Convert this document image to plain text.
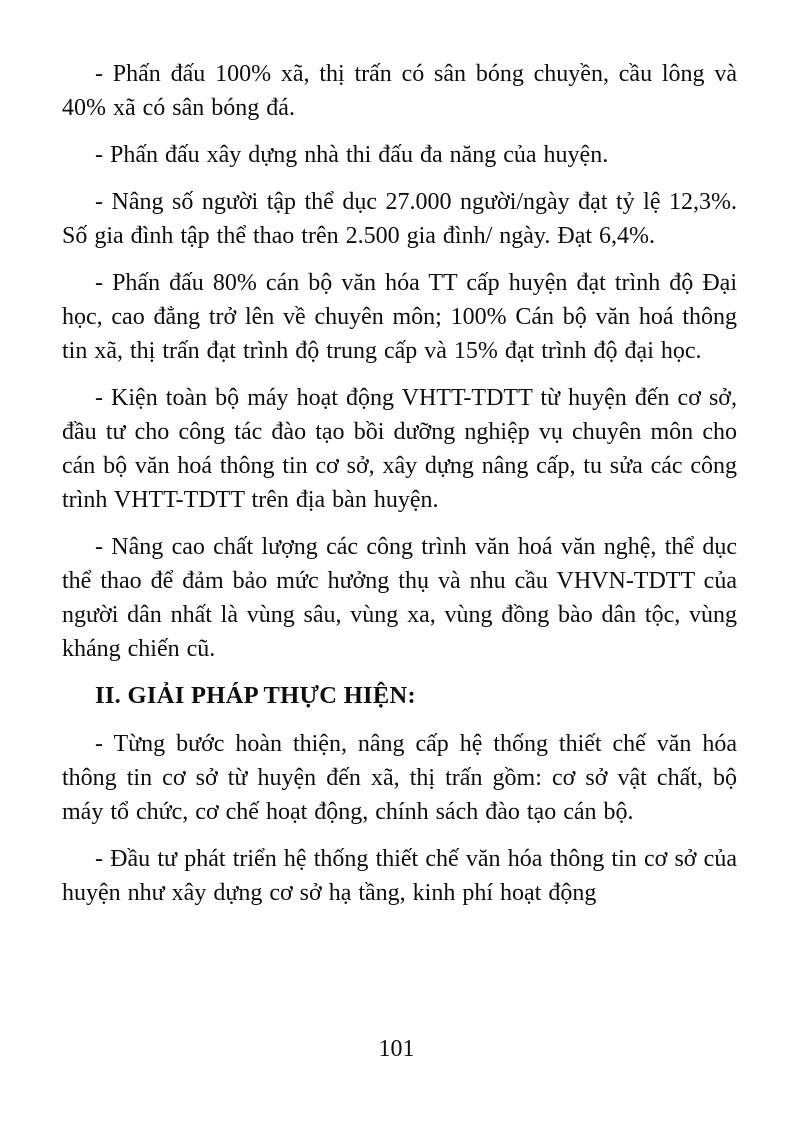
- Phấn đấu 100% xã, thị trấn có sân bóng chuyền, cầu lông và 40% xã có sân bóng đá.

- Phấn đấu xây dựng nhà thi đấu đa năng của huyện.

- Nâng số người tập thể dục 27.000 người/ngày đạt tỷ lệ 12,3%. Số gia đình tập thể thao trên 2.500 gia đình/ ngày. Đạt 6,4%.

- Phấn đấu 80% cán bộ văn hóa TT cấp huyện đạt trình độ Đại học, cao đẳng trở lên về chuyên môn; 100% Cán bộ văn hoá thông tin xã, thị trấn đạt trình độ trung cấp và 15% đạt trình độ đại học.

- Kiện toàn bộ máy hoạt động VHTT-TDTT từ huyện đến cơ sở, đầu tư cho công tác đào tạo bồi dưỡng nghiệp vụ chuyên môn cho cán bộ văn hoá thông tin cơ sở, xây dựng nâng cấp, tu sửa các công trình VHTT-TDTT trên địa bàn huyện.

- Nâng cao chất lượng các công trình văn hoá văn nghệ, thể dục thể thao để đảm bảo mức hưởng thụ và nhu cầu VHVN-TDTT của người dân nhất là vùng sâu, vùng xa, vùng đồng bào dân tộc, vùng kháng chiến cũ.

II. GIẢI PHÁP THỰC HIỆN:

- Từng bước hoàn thiện, nâng cấp hệ thống thiết chế văn hóa thông tin cơ sở từ huyện đến xã, thị trấn gồm: cơ sở vật chất, bộ máy tổ chức, cơ chế hoạt động, chính sách đào tạo cán bộ.

- Đầu tư phát triển hệ thống thiết chế văn hóa thông tin cơ sở của huyện như xây dựng cơ sở hạ tầng, kinh phí hoạt động

101
